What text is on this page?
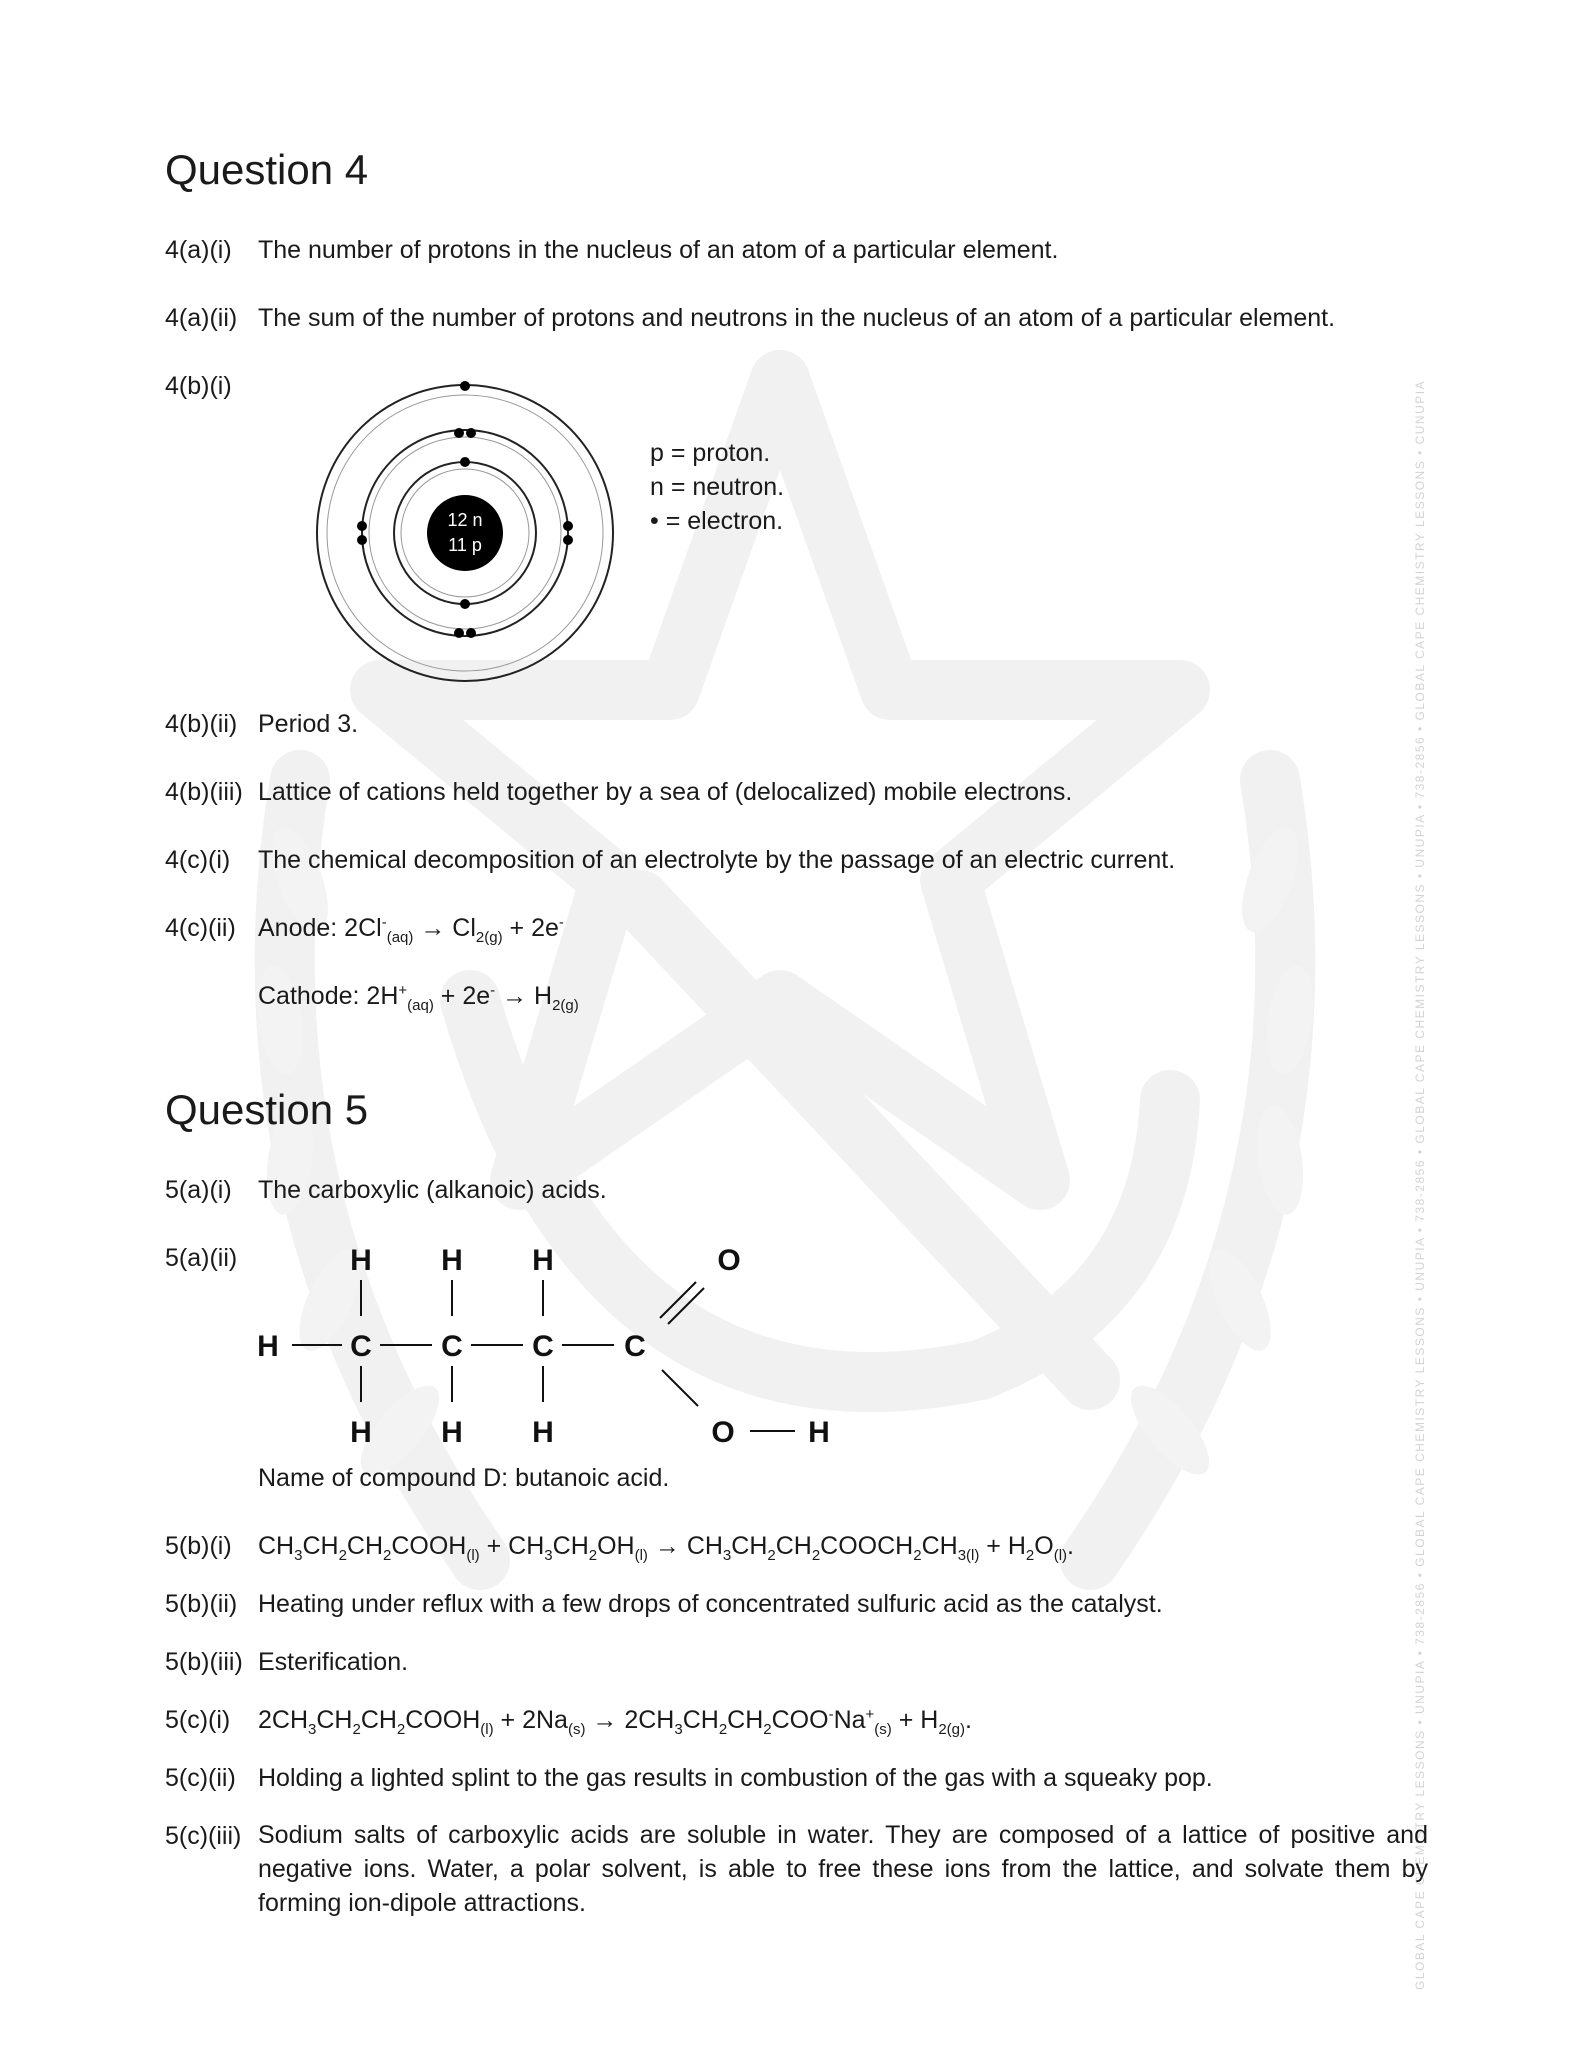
GLOBAL CAPE CHEMISTRY LESSONS • UNUPIA • 738-2856 • GLOBAL CAPE CHEMISTRY LESSONS • UNUPIA • 738-2856 • GLOBAL CAPE CHEMISTRY LESSONS • UNUPIA • 738-2856 • GLOBAL CAPE CHEMISTRY LESSONS • CUNUPIA
Question 4
4(a)(i) The number of protons in the nucleus of an atom of a particular element.
4(a)(ii) The sum of the number of protons and neutrons in the nucleus of an atom of a particular element.
4(b)(i)
12 n
11 p
p = proton.
n = neutron.
• = electron.
4(b)(ii) Period 3.
4(b)(iii) Lattice of cations held together by a sea of (delocalized) mobile electrons.
4(c)(i) The chemical decomposition of an electrolyte by the passage of an electric current.
4(c)(ii) Anode: $2Cl^-_{(aq)} \to Cl_{2(g)} + 2e^-$
Cathode: $2H^+_{(aq)} + 2e^- \to H_{2(g)}$
Question 5
5(a)(i) The carboxylic (alkanoic) acids.
5(a)(ii)	H H H	O
H C C C C
H H H	O H
Name of compound D: butanoic acid.
5(b)(i) $CH_3CH_2CH_2COOH_{(l)} + CH_3CH_2OH_{(l)}$ → $CH_3CH_2CH_2COOCH_2CH_{3(l)} + H_2O_{(l)}$.
5(b)(ii) Heating under reflux with a few drops of concentrated sulfuric acid as the catalyst.
5(b)(iii) Esterification.
5(c)(i) $2CH_3CH_2CH_2COOH_{(l)} + 2Na_{(s)} \to 2CH_3CH_2CH_2COO^-Na^+_{(s)} + H_{2(g)}$.
5(c)(ii) Holding a lighted splint to the gas results in combustion of the gas with a squeaky pop.
5(c)(iii) Sodium salts of carboxylic acids are soluble in water. They are composed of a lattice of positive and negative ions. Water, a polar solvent, is able to free these ions from the lattice, and solvate them by forming ion-dipole attractions.
